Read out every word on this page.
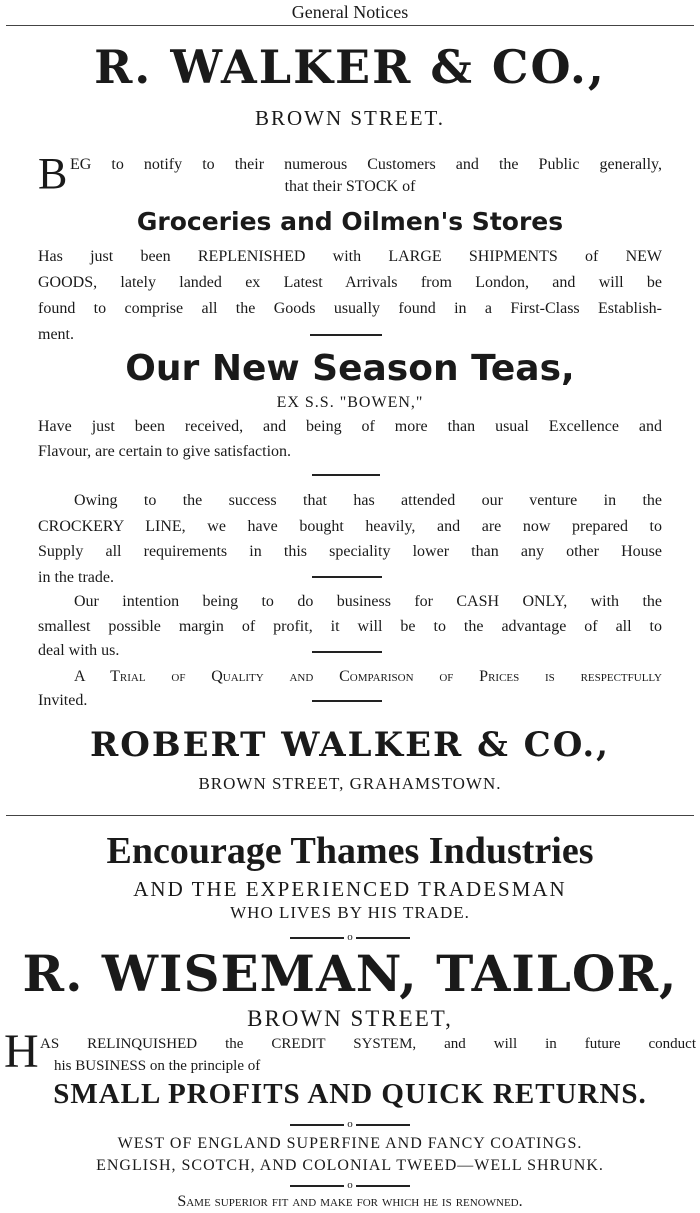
General Notices
R. WALKER & CO.,
BROWN STREET.
B EG to notify to their numerous Customers and the Public generally,
that their STOCK of
Groceries and Oilmen's Stores
Has just been REPLENISHED with LARGE SHIPMENTS of NEW
GOODS, lately landed ex Latest Arrivals from London, and will be
found to comprise all the Goods usually found in a First-Class Establish-
ment.
Our New Season Teas,
EX S.S. "BOWEN,"
Have just been received, and being of more than usual Excellence and
Flavour, are certain to give satisfaction.
Owing to the success that has attended our venture in the
CROCKERY LINE, we have bought heavily, and are now prepared to
Supply all requirements in this speciality lower than any other House
in the trade.
Our intention being to do business for CASH ONLY, with the
smallest possible margin of profit, it will be to the advantage of all to
deal with us.
A Trial of Quality and Comparison of Prices is respectfully
Invited.
ROBERT WALKER & CO.,
BROWN STREET, GRAHAMSTOWN.
Encourage Thames Industries
AND THE EXPERIENCED TRADESMAN
WHO LIVES BY HIS TRADE.
o
R. WISEMAN, TAILOR,
BROWN STREET,
H AS RELINQUISHED the CREDIT SYSTEM, and will in future conduct
his BUSINESS on the principle of
SMALL PROFITS AND QUICK RETURNS.
o
WEST OF ENGLAND SUPERFINE AND FANCY COATINGS.
ENGLISH, SCOTCH, AND COLONIAL TWEED—WELL SHRUNK.
o
Same superior fit and make for which he is renowned.
